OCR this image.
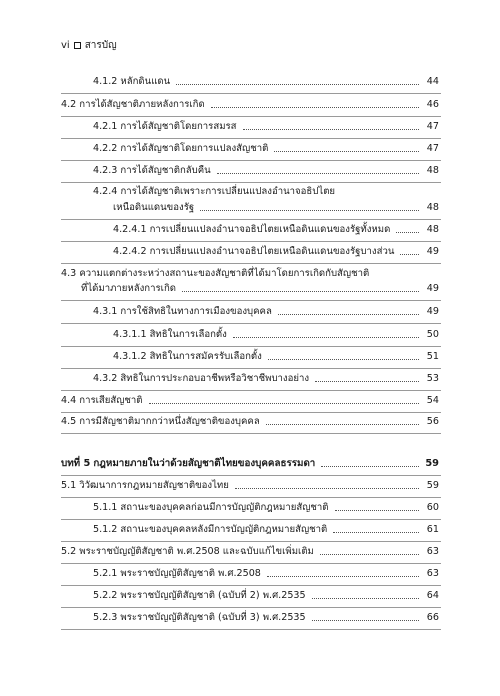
vi สารบัญ
4.1.2 หลักดินแดน	44
4.2 การได้สัญชาติภายหลังการเกิด	46
4.2.1 การได้สัญชาติโดยการสมรส	47
4.2.2 การได้สัญชาติโดยการแปลงสัญชาติ	47
4.2.3 การได้สัญชาติกลับคืน	48
4.2.4 การได้สัญชาติเพราะการเปลี่ยนแปลงอำนาจอธิปไตย
เหนือดินแดนของรัฐ	48
4.2.4.1 การเปลี่ยนแปลงอำนาจอธิปไตยเหนือดินแดนของรัฐทั้งหมด	48
4.2.4.2 การเปลี่ยนแปลงอำนาจอธิปไตยเหนือดินแดนของรัฐบางส่วน	49
4.3 ความแตกต่างระหว่างสถานะของสัญชาติที่ได้มาโดยการเกิดกับสัญชาติ
ที่ได้มาภายหลังการเกิด	49
4.3.1 การใช้สิทธิในทางการเมืองของบุคคล	49
4.3.1.1 สิทธิในการเลือกตั้ง	50
4.3.1.2 สิทธิในการสมัครรับเลือกตั้ง	51
4.3.2 สิทธิในการประกอบอาชีพหรือวิชาชีพบางอย่าง	53
4.4 การเสียสัญชาติ	54
4.5 การมีสัญชาติมากกว่าหนึ่งสัญชาติของบุคคล	56
บทที่ 5 กฎหมายภายในว่าด้วยสัญชาติไทยของบุคคลธรรมดา	59
5.1 วิวัฒนาการกฎหมายสัญชาติของไทย	59
5.1.1 สถานะของบุคคลก่อนมีการบัญญัติกฎหมายสัญชาติ	60
5.1.2 สถานะของบุคคลหลังมีการบัญญัติกฎหมายสัญชาติ	61
5.2 พระราชบัญญัติสัญชาติ พ.ศ.2508 และฉบับแก้ไขเพิ่มเติม	63
5.2.1 พระราชบัญญัติสัญชาติ พ.ศ.2508	63
5.2.2 พระราชบัญญัติสัญชาติ (ฉบับที่ 2) พ.ศ.2535	64
5.2.3 พระราชบัญญัติสัญชาติ (ฉบับที่ 3) พ.ศ.2535	66
